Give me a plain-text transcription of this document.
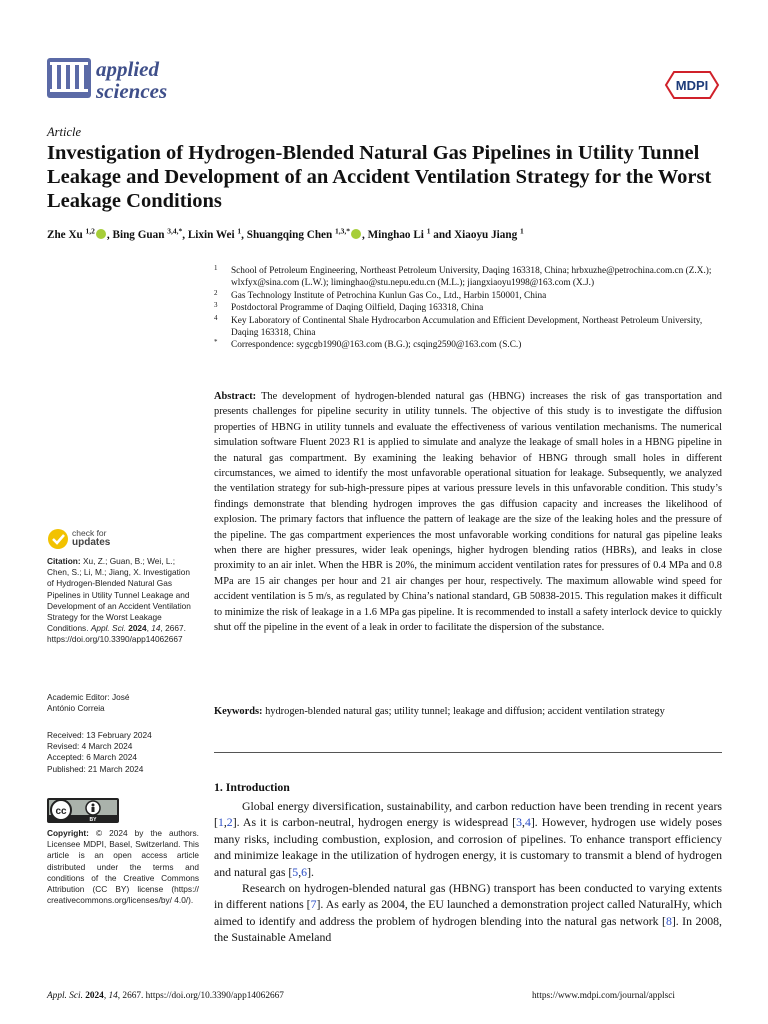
applied
sciences	MDPI
Article
Investigation of Hydrogen-Blended Natural Gas Pipelines in Utility Tunnel Leakage and Development of an Accident Ventilation Strategy for the Worst Leakage Conditions
Zhe Xu $^{1,2}$ , Bing Guan $^{3,4,*}$, Lixin Wei $^1$, Shuangqing Chen $^{1,3,*}$ , Minghao Li $^1$ and Xiaoyu Jiang $^1$
1 School of Petroleum Engineering, Northeast Petroleum University, Daqing 163318, China; hrbxuzhe@petrochina.com.cn (Z.X.); wlxfyx@sina.com (L.W.); liminghao@stu.nepu.edu.cn (M.L.); jiangxiaoyu1998@163.com (X.J.)
2 Gas Technology Institute of Petrochina Kunlun Gas Co., Ltd., Harbin 150001, China
3 Postdoctoral Programme of Daqing Oilfield, Daqing 163318, China
4 Key Laboratory of Continental Shale Hydrocarbon Accumulation and Efficient Development, Northeast Petroleum University, Daqing 163318, China
* Correspondence: sygcgb1990@163.com (B.G.); csqing2590@163.com (S.C.)
Abstract: The development of hydrogen-blended natural gas (HBNG) increases the risk of gas transportation and presents challenges for pipeline security in utility tunnels. The objective of this study is to investigate the diffusion properties of HBNG in utility tunnels and evaluate the effectiveness of various ventilation mechanisms. The numerical simulation software Fluent 2023 R1 is applied to simulate and analyze the leakage of small holes in a HBNG pipeline in the natural gas compartment. By examining the leaking behavior of HBNG through small holes in different circumstances, we aimed to identify the most unfavorable operational situation for leakage. Subsequently, we analyzed the ventilation strategy for sub-high-pressure pipes at various pressure levels in this unfavorable condition. This study’s findings demonstrate that blending hydrogen improves the gas diffusion capacity and increases the likelihood of explosion. The primary factors that influence the pattern of leakage are the size of the leaking holes and the pressure of the pipeline. The gas compartment experiences the most unfavorable working conditions for natural gas pipeline leaks when there are higher pressures, wider leak openings, higher hydrogen blending ratios (HBRs), and leaks in close proximity to an air inlet. When the HBR is 20%, the minimum accident ventilation rates for pressures of 0.4 MPa and 0.8 MPa are 15 air changes per hour and 21 air changes per hour, respectively. The maximum allowable wind speed for accident ventilation is 5 m/s, as regulated by China’s national standard, GB 50838-2015. This regulation makes it difficult to minimize the risk of leakage in a 1.6 MPa gas pipeline. It is recommended to install a safety interlock device to quickly shut off the pipeline in the event of a leak in order to facilitate the dispersion of the substance.
Keywords: hydrogen-blended natural gas; utility tunnel; leakage and diffusion; accident ventilation strategy
1. Introduction

Global energy diversification, sustainability, and carbon reduction have been trending in recent years [1,2]. As it is carbon-neutral, hydrogen energy is widespread [3,4]. However, hydrogen use widely poses many risks, including combustion, explosion, and corrosion of pipelines. To enhance transport efficiency and minimize leakage in the utilization of hydrogen energy, it is customary to transmit a blend of hydrogen and natural gas [5,6].

Research on hydrogen-blended natural gas (HBNG) transport has been conducted to varying extents in different nations [7]. As early as 2004, the EU launched a demonstration project called NaturalHy, which aimed to identify and address the problem of hydrogen blending into the natural gas network [8]. In 2008, the Sustainable Ameland

check for
updates
Citation: Xu, Z.; Guan, B.; Wei, L.; Chen, S.; Li, M.; Jiang, X. Investigation of Hydrogen-Blended Natural Gas Pipelines in Utility Tunnel Leakage and Development of an Accident Ventilation Strategy for the Worst Leakage Conditions. Appl. Sci. 2024, 14, 2667. https://doi.org/10.3390/app14062667
Academic Editor: José
António Correia
Received: 13 February 2024
Revised: 4 March 2024
Accepted: 6 March 2024
Published: 21 March 2024
cc
BY
Copyright: © 2024 by the authors. Licensee MDPI, Basel, Switzerland. This article is an open access article distributed under the terms and conditions of the Creative Commons Attribution (CC BY) license (https:// creativecommons.org/licenses/by/ 4.0/).
Appl. Sci. 2024, 14, 2667. https://doi.org/10.3390/app14062667	https://www.mdpi.com/journal/applsci
